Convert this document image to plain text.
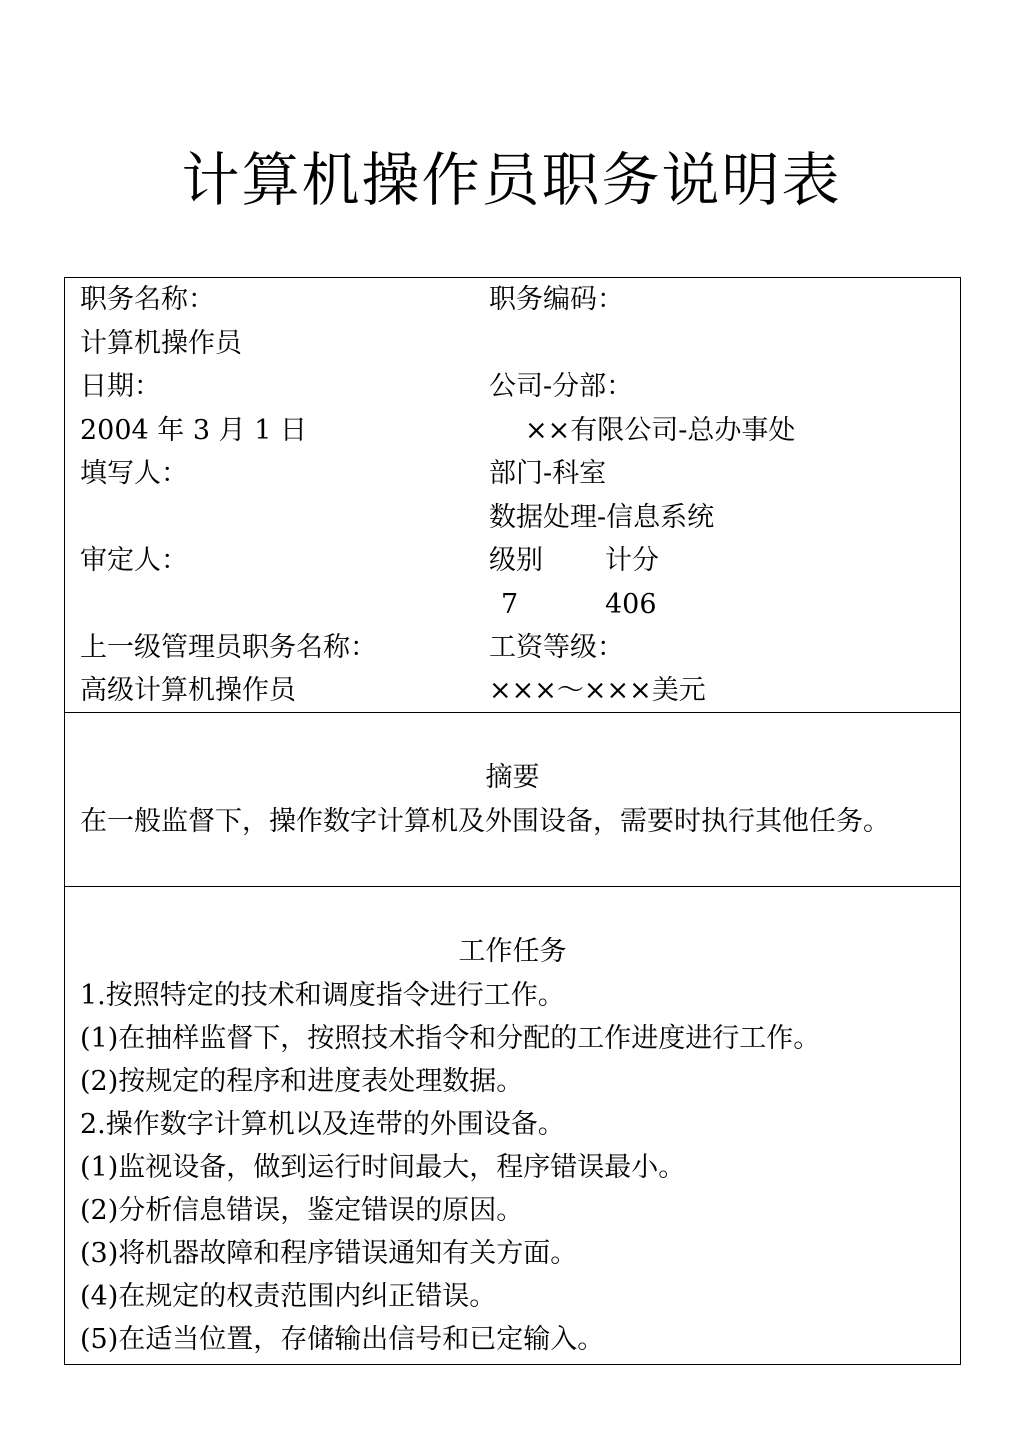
计算机操作员职务说明表
职务名称：	职务编码：
计算机操作员
日期：	公司-分部：
2004 年 3 月 1 日	××有限公司-总办事处
填写人：	部门-科室
数据处理-信息系统
审定人：	级别 计分
7	406
上一级管理员职务名称：	工资等级：
高级计算机操作员	×××～×××美元
摘要
在一般监督下，操作数字计算机及外围设备，需要时执行其他任务。
工作任务
1.按照特定的技术和调度指令进行工作。
(1)在抽样监督下，按照技术指令和分配的工作进度进行工作。
(2)按规定的程序和进度表处理数据。
2.操作数字计算机以及连带的外围设备。
(1)监视设备，做到运行时间最大，程序错误最小。
(2)分析信息错误，鉴定错误的原因。
(3)将机器故障和程序错误通知有关方面。
(4)在规定的权责范围内纠正错误。
(5)在适当位置，存储输出信号和已定输入。
